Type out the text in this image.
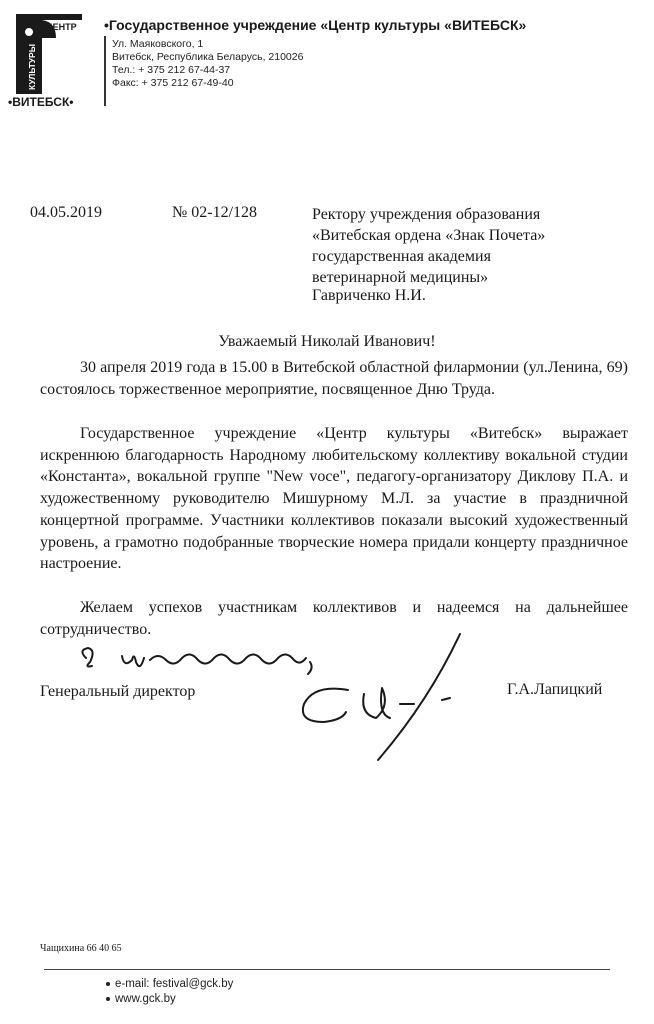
ЦЕНТР
КУЛЬТУРЫ
•ВИТЕБСК•
•Государственное учреждение «Центр культуры «ВИТЕБСК»
Ул. Маяковского, 1
Витебск, Республика Беларусь, 210026
Тел.: + 375 212 67-44-37
Факс: + 375 212 67-49-40
04.05.2019	№ 02-12/128	Ректору учреждения образования
«Витебская ордена «Знак Почета»
государственная академия
ветеринарной медицины»
Гавриченко Н.И.
Уважаемый Николай Иванович!
30 апреля 2019 года в 15.00 в Витебской областной филармонии (ул.Ленина, 69) состоялось торжественное мероприятие, посвященное Дню Труда.
Государственное учреждение «Центр культуры «Витебск» выражает искреннюю благодарность Народному любительскому коллективу вокальной студии «Константа», вокальной группе "New voce", педагогу-организатору Диклову П.А. и художественному руководителю Мишурному М.Л. за участие в праздничной концертной программе. Участники коллективов показали высокий художественный уровень, а грамотно подобранные творческие номера придали концерту праздничное настроение.
Желаем успехов участникам коллективов и надеемся на дальнейшее сотрудничество.
Генеральный директор	Г.А.Лапицкий
Чащихина 66 40 65
e-mail: festival@gck.by
www.gck.by
